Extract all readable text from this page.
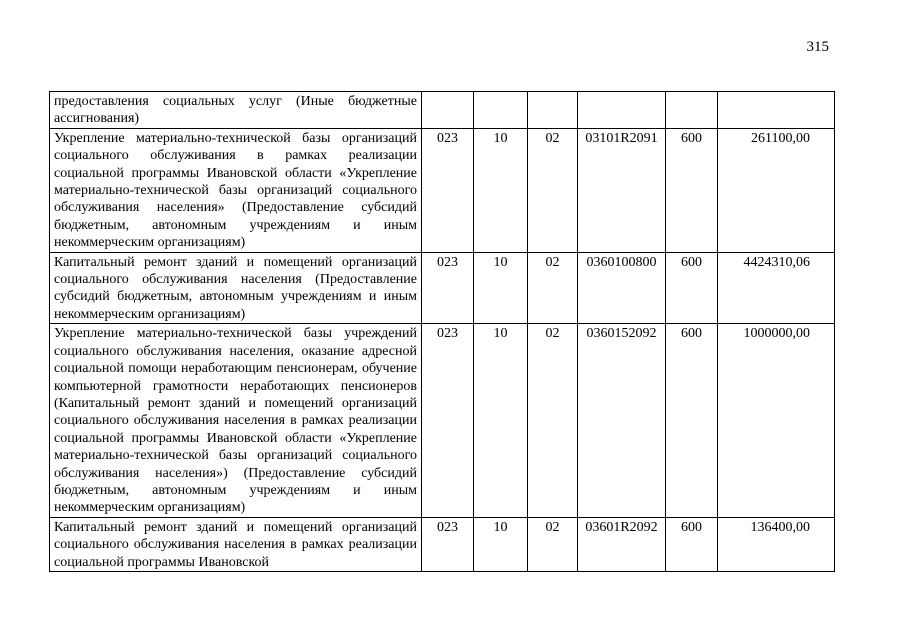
315
предоставления социальных услуг (Иные бюджетные ассигнования)						
Укрепление материально-технической базы организаций социального обслуживания в рамках реализации социальной программы Ивановской области «Укрепление материально-технической базы организаций социального обслуживания населения» (Предоставление субсидий бюджетным, автономным учреждениям и иным некоммерческим организациям)	023	10	02	03101R2091	600	261100,00
Капитальный ремонт зданий и помещений организаций социального обслуживания населения (Предоставление субсидий бюджетным, автономным учреждениям и иным некоммерческим организациям)	023	10	02	0360100800	600	4424310,06
Укрепление материально-технической базы учреждений социального обслуживания населения, оказание адресной социальной помощи неработающим пенсионерам, обучение компьютерной грамотности неработающих пенсионеров (Капитальный ремонт зданий и помещений организаций социального обслуживания населения в рамках реализации социальной программы Ивановской области «Укрепление материально-технической базы организаций социального обслуживания населения») (Предоставление субсидий бюджетным, автономным учреждениям и иным некоммерческим организациям)	023	10	02	0360152092	600	1000000,00
Капитальный ремонт зданий и помещений организаций социального обслуживания населения в рамках реализации социальной программы Ивановской	023	10	02	03601R2092	600	136400,00
